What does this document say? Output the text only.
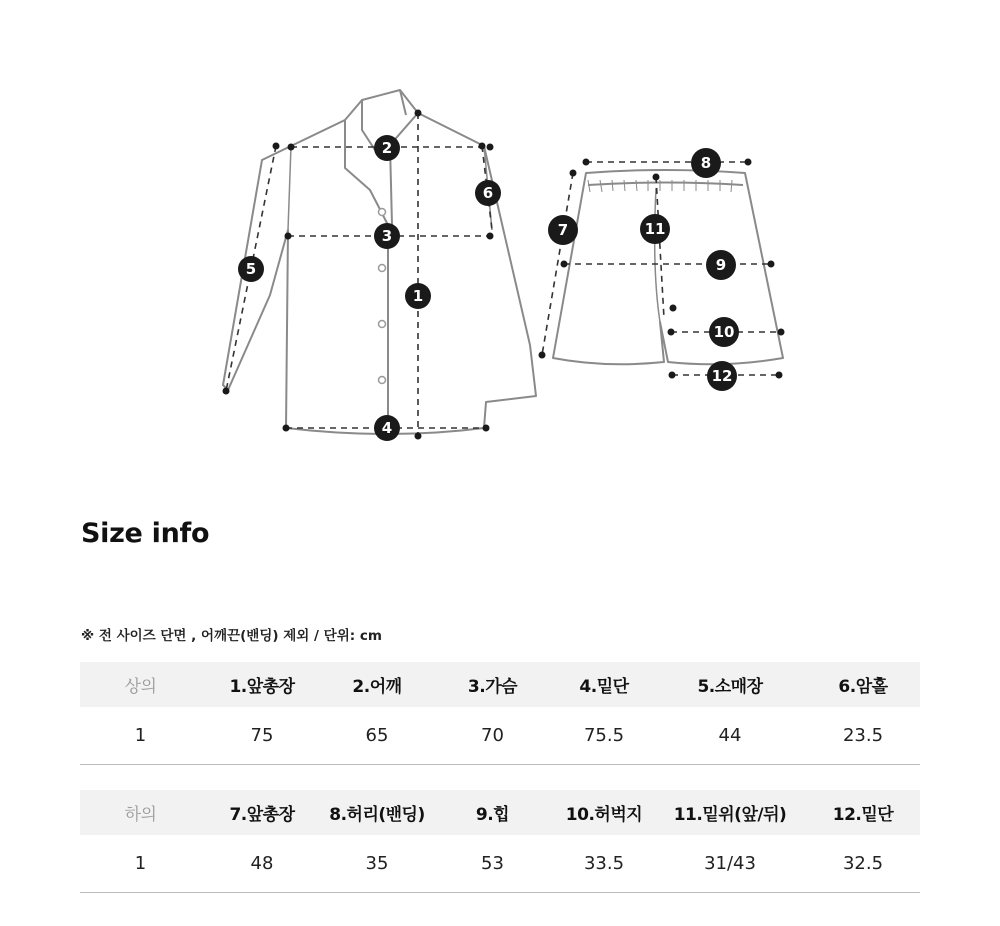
1
2
3
4
5
6
7
8
9
10
11
12
Size info
※ 전 사이즈 단면 , 어깨끈(밴딩) 제외 / 단위: cm
상의	1.앞총장	2.어깨	3.가슴	4.밑단	5.소매장	6.암홀
1	75	65	70	75.5	44	23.5
하의	7.앞총장	8.허리(밴딩)	9.힙	10.허벅지	11.밑위(앞/뒤)	12.밑단
1	48	35	53	33.5	31/43	32.5
